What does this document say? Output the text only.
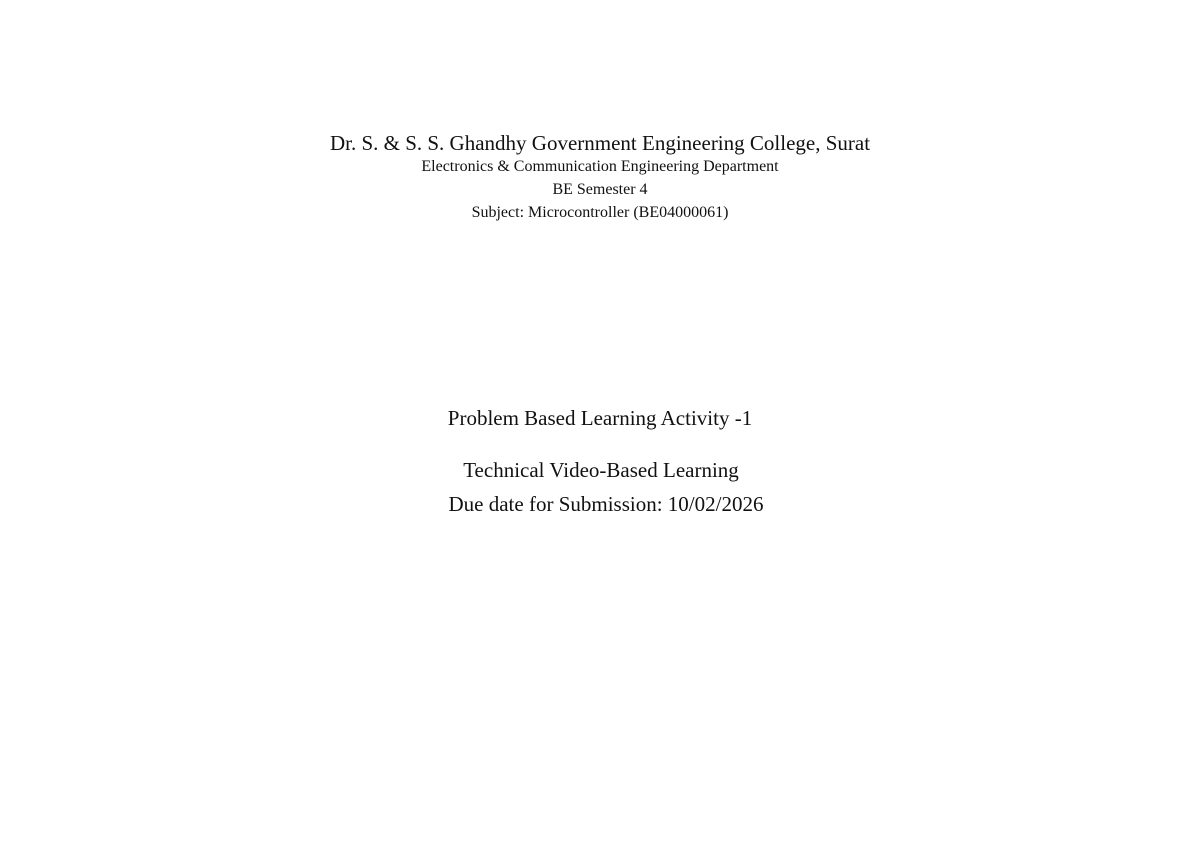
Dr. S. & S. S. Ghandhy Government Engineering College, Surat
Electronics & Communication Engineering Department
BE Semester 4
Subject: Microcontroller (BE04000061)
Problem Based Learning Activity -1
Technical Video-Based Learning
Due date for Submission: 10/02/2026
